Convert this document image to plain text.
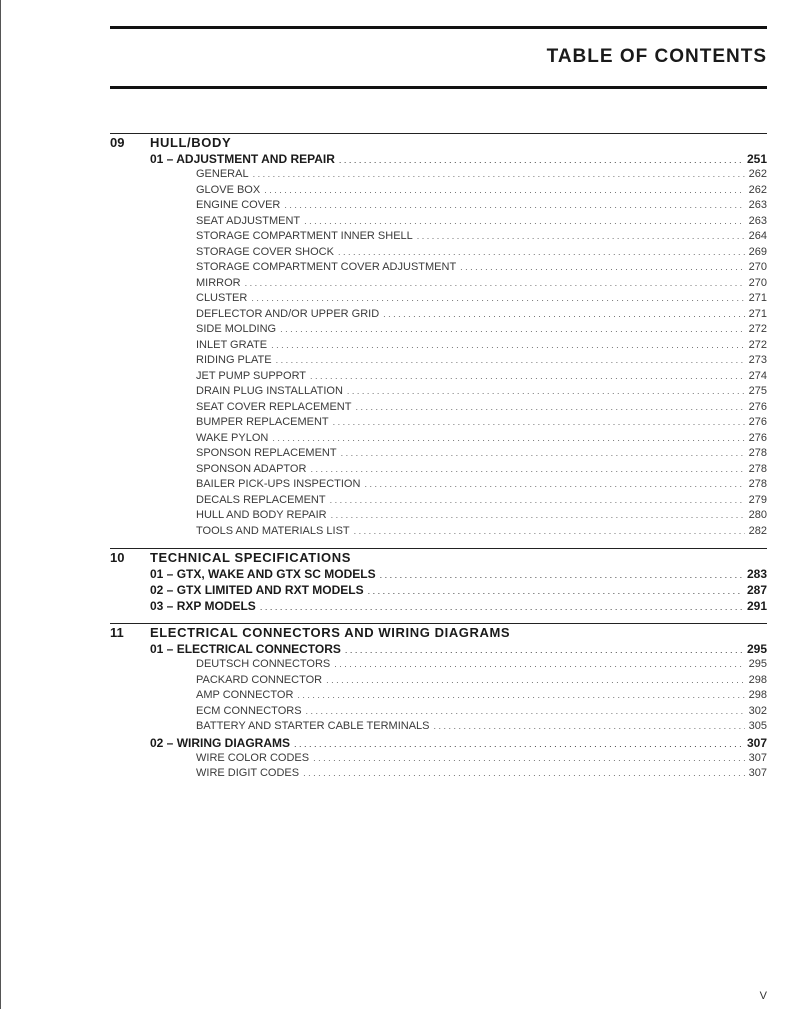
TABLE OF CONTENTS
09	HULL/BODY
01 – ADJUSTMENT AND REPAIR . . .	251
GENERAL . . .	262
GLOVE BOX . . .	262
ENGINE COVER . . .	263
SEAT ADJUSTMENT . . .	263
STORAGE COMPARTMENT INNER SHELL . . .	264
STORAGE COVER SHOCK . . .	269
STORAGE COMPARTMENT COVER ADJUSTMENT . . .	270
MIRROR . . .	270
CLUSTER . . .	271
DEFLECTOR AND/OR UPPER GRID . . .	271
SIDE MOLDING . . .	272
INLET GRATE . . .	272
RIDING PLATE . . .	273
JET PUMP SUPPORT . . .	274
DRAIN PLUG INSTALLATION . . .	275
SEAT COVER REPLACEMENT . . .	276
BUMPER REPLACEMENT . . .	276
WAKE PYLON . . .	276
SPONSON REPLACEMENT . . .	278
SPONSON ADAPTOR . . .	278
BAILER PICK-UPS INSPECTION . . .	278
DECALS REPLACEMENT . . .	279
HULL AND BODY REPAIR . . .	280
TOOLS AND MATERIALS LIST . . .	282
10	TECHNICAL SPECIFICATIONS
01 – GTX, WAKE AND GTX SC MODELS . . .	283
02 – GTX LIMITED AND RXT MODELS . . .	287
03 – RXP MODELS . . .	291
11	ELECTRICAL CONNECTORS AND WIRING DIAGRAMS
01 – ELECTRICAL CONNECTORS . . .	295
DEUTSCH CONNECTORS . . .	295
PACKARD CONNECTOR . . .	298
AMP CONNECTOR . . .	298
ECM CONNECTORS . . .	302
BATTERY AND STARTER CABLE TERMINALS . . .	305
02 – WIRING DIAGRAMS . . .	307
WIRE COLOR CODES . . .	307
WIRE DIGIT CODES . . .	307
V
